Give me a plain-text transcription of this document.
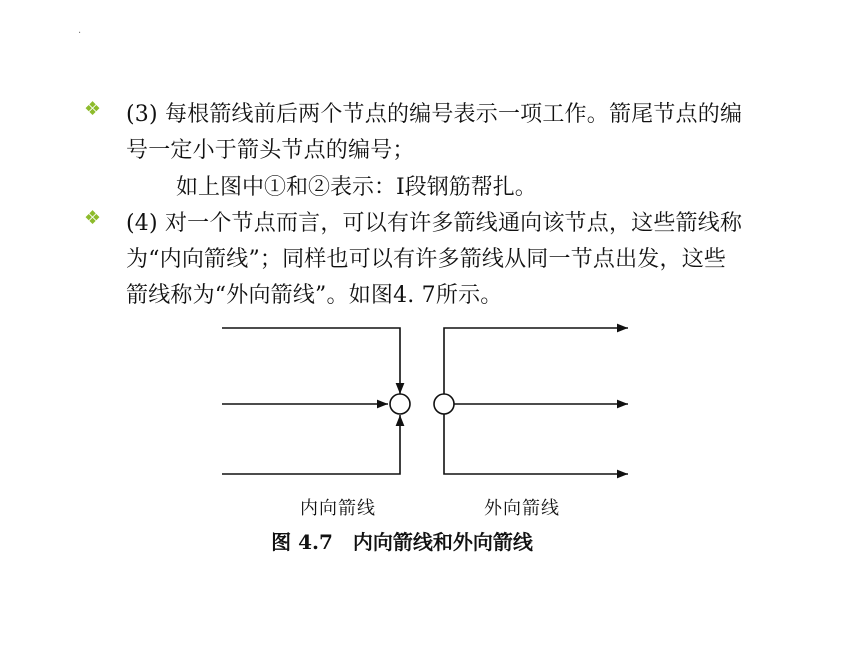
·
❖ (3) 每根箭线前后两个节点的编号表示一项工作。箭尾节点的编
号一定小于箭头节点的编号；
如上图中①和②表示：Ⅰ段钢筋帮扎。
❖ (4) 对一个节点而言，可以有许多箭线通向该节点，这些箭线称
为“内向箭线”；同样也可以有许多箭线从同一节点出发，这些
箭线称为“外向箭线”。如图4. 7所示。
内向箭线	外向箭线
图 4.7　内向箭线和外向箭线
